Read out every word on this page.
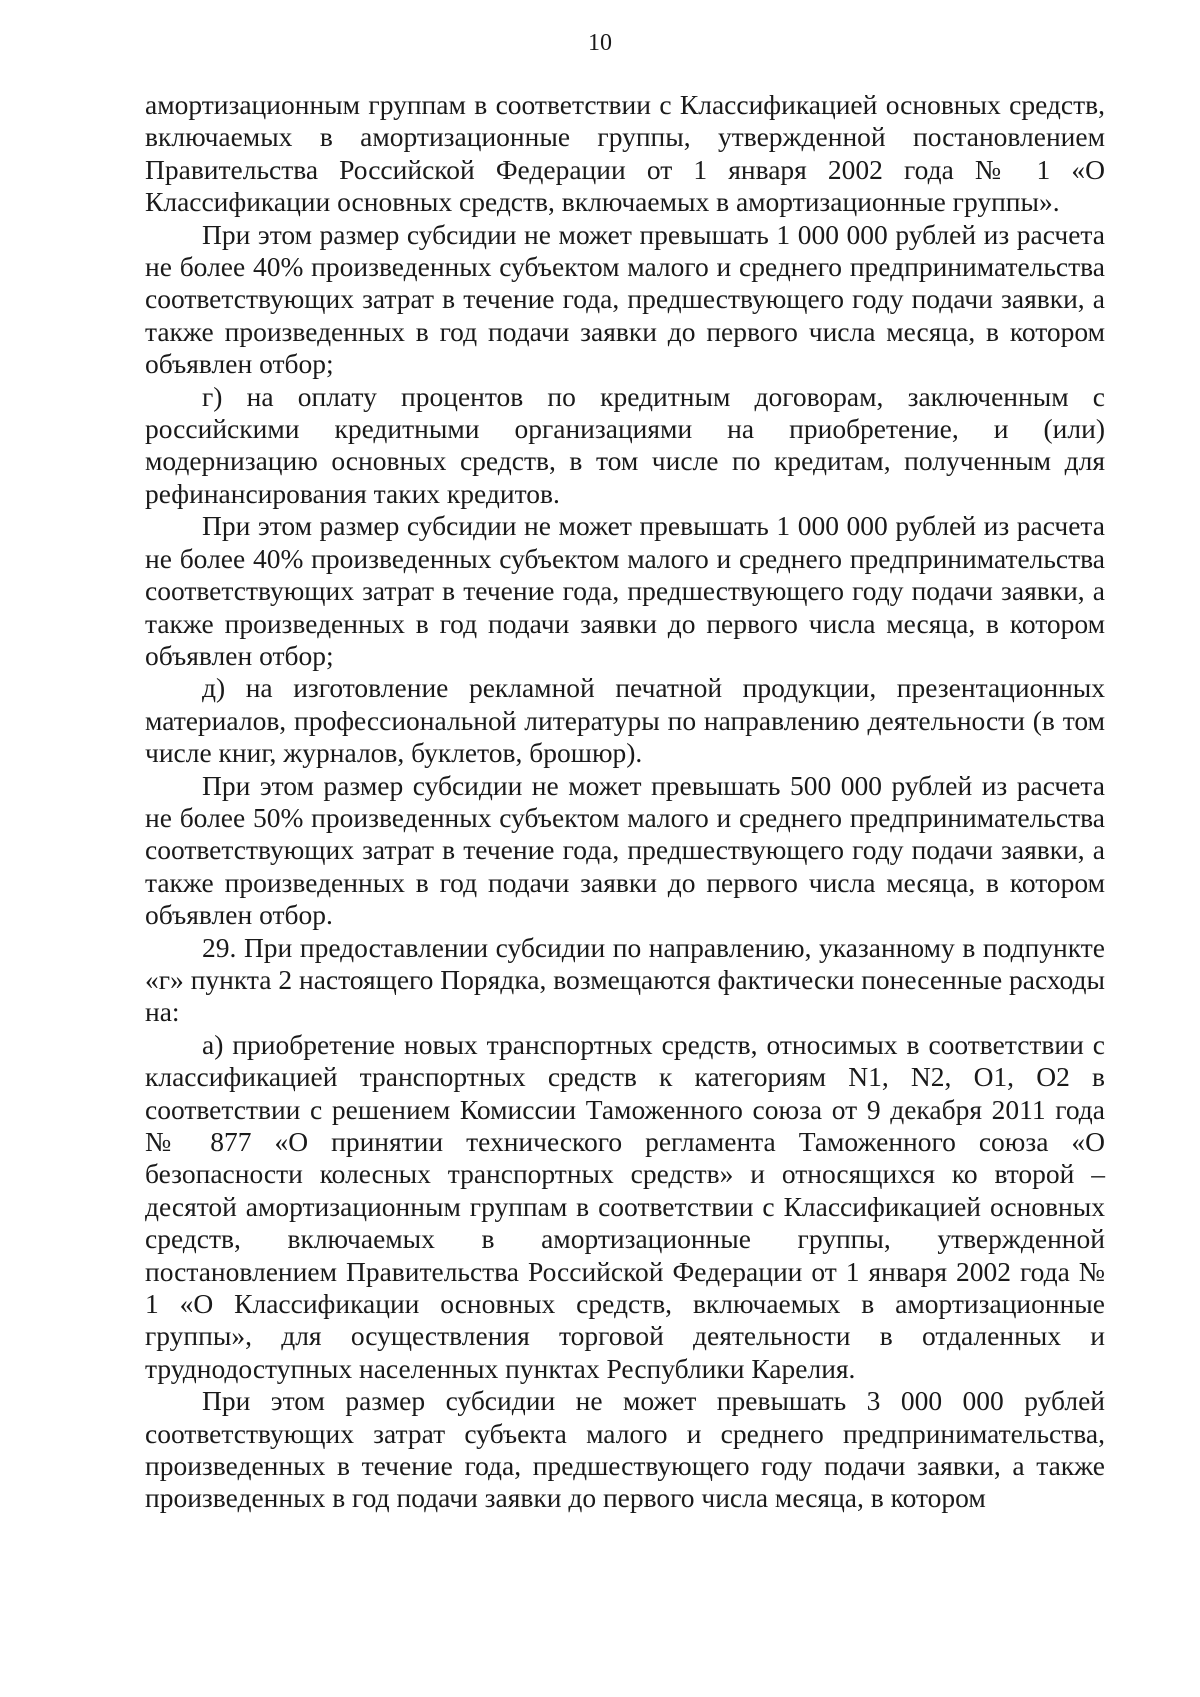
10

амортизационным группам в соответствии с Классификацией основных средств, включаемых в амортизационные группы, утвержденной постановлением Правительства Российской Федерации от 1 января 2002 года № 1 «О Классификации основных средств, включаемых в амортизационные группы».

При этом размер субсидии не может превышать 1 000 000 рублей из расчета не более 40% произведенных субъектом малого и среднего предпринимательства соответствующих затрат в течение года, предшествующего году подачи заявки, а также произведенных в год подачи заявки до первого числа месяца, в котором объявлен отбор;

г) на оплату процентов по кредитным договорам, заключенным с российскими кредитными организациями на приобретение, и (или) модернизацию основных средств, в том числе по кредитам, полученным для рефинансирования таких кредитов.

При этом размер субсидии не может превышать 1 000 000 рублей из расчета не более 40% произведенных субъектом малого и среднего предпринимательства соответствующих затрат в течение года, предшествующего году подачи заявки, а также произведенных в год подачи заявки до первого числа месяца, в котором объявлен отбор;

д) на изготовление рекламной печатной продукции, презентационных материалов, профессиональной литературы по направлению деятельности (в том числе книг, журналов, буклетов, брошюр).

При этом размер субсидии не может превышать 500 000 рублей из расчета не более 50% произведенных субъектом малого и среднего предпринимательства соответствующих затрат в течение года, предшествующего году подачи заявки, а также произведенных в год подачи заявки до первого числа месяца, в котором объявлен отбор.

29. При предоставлении субсидии по направлению, указанному в подпункте «г» пункта 2 настоящего Порядка, возмещаются фактически понесенные расходы на:

а) приобретение новых транспортных средств, относимых в соответствии с классификацией транспортных средств к категориям N1, N2, O1, O2 в соответствии с решением Комиссии Таможенного союза от 9 декабря 2011 года № 877 «О принятии технического регламента Таможенного союза «О безопасности колесных транспортных средств» и относящихся ко второй – десятой амортизационным группам в соответствии с Классификацией основных средств, включаемых в амортизационные группы, утвержденной постановлением Правительства Российской Федерации от 1 января 2002 года № 1 «О Классификации основных средств, включаемых в амортизационные группы», для осуществления торговой деятельности в отдаленных и труднодоступных населенных пунктах Республики Карелия.

При этом размер субсидии не может превышать 3 000 000 рублей соответствующих затрат субъекта малого и среднего предпринимательства, произведенных в течение года, предшествующего году подачи заявки, а также произведенных в год подачи заявки до первого числа месяца, в котором
